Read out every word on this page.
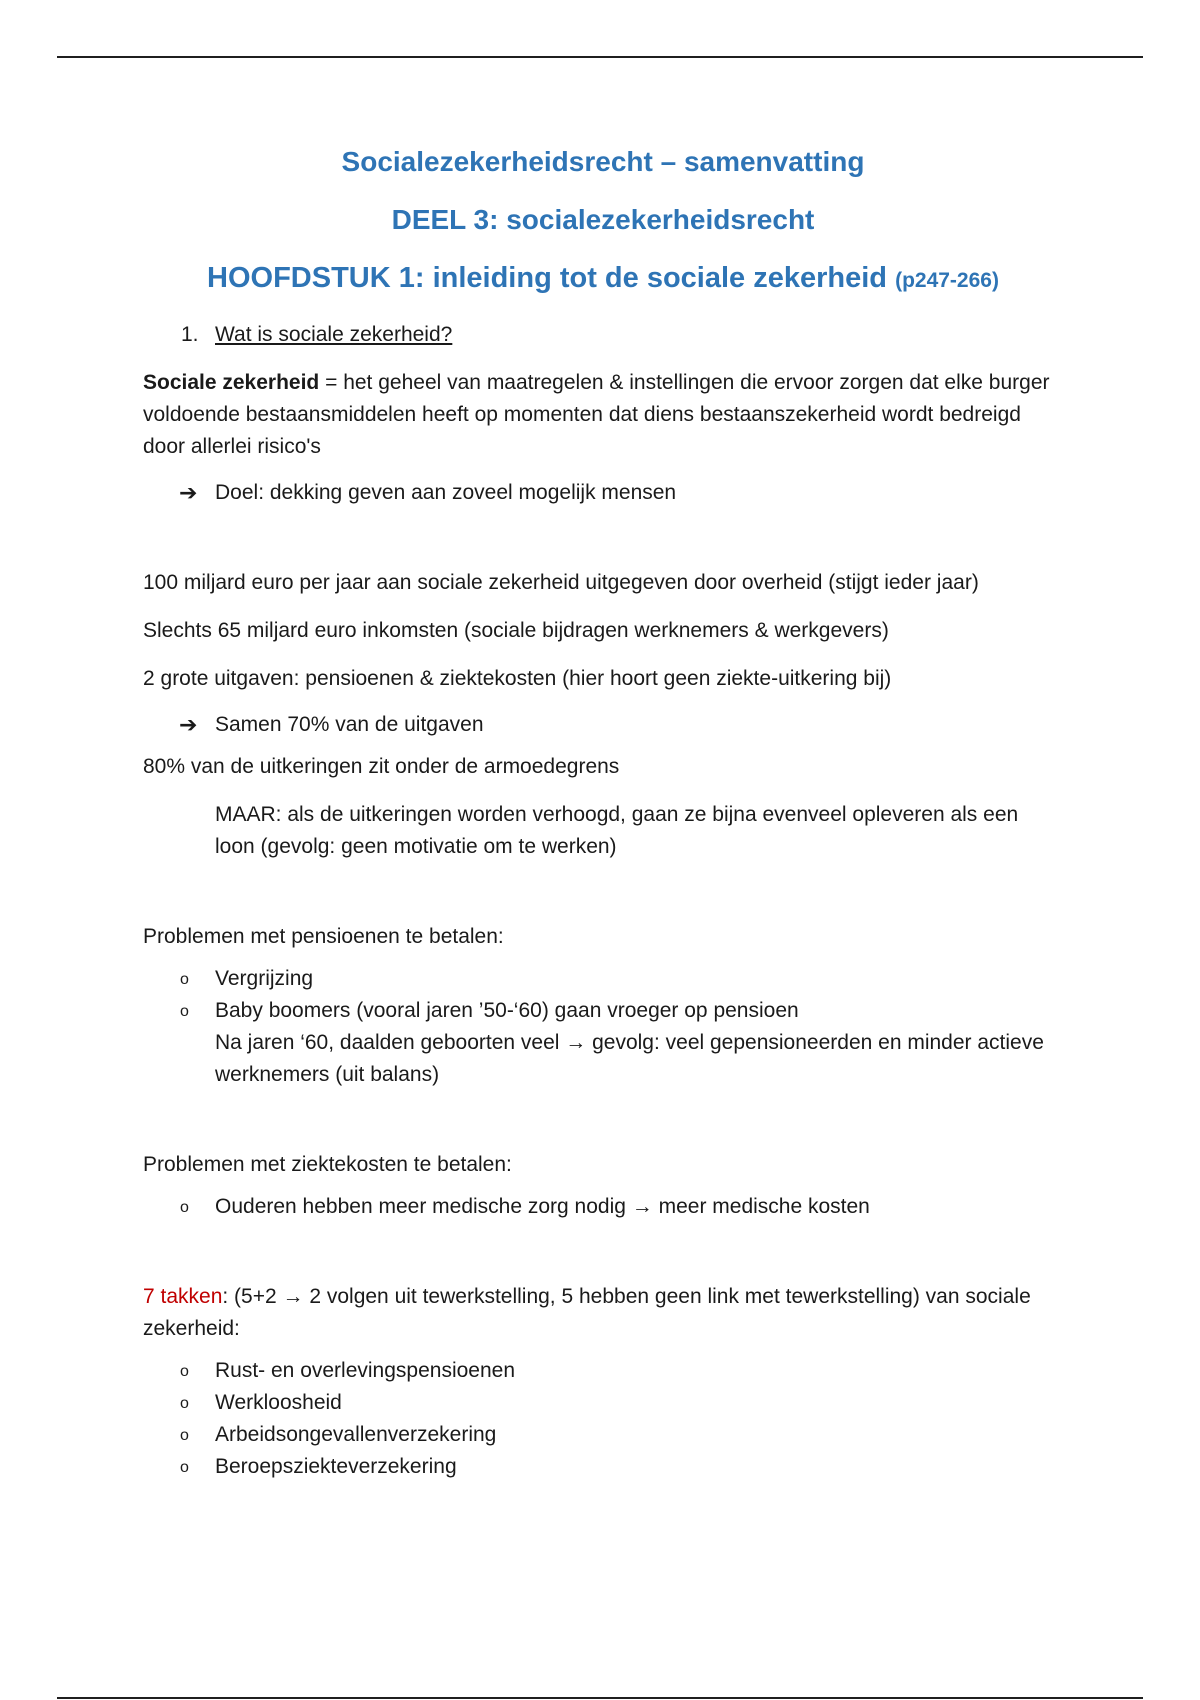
Socialezekerheidsrecht – samenvatting
DEEL 3: socialezekerheidsrecht
HOOFDSTUK 1: inleiding tot de sociale zekerheid (p247-266)
1. Wat is sociale zekerheid?

Sociale zekerheid = het geheel van maatregelen & instellingen die ervoor zorgen dat elke burger voldoende bestaansmiddelen heeft op momenten dat diens bestaanszekerheid wordt bedreigd door allerlei risico's

➔ Doel: dekking geven aan zoveel mogelijk mensen

100 miljard euro per jaar aan sociale zekerheid uitgegeven door overheid (stijgt ieder jaar)

Slechts 65 miljard euro inkomsten (sociale bijdragen werknemers & werkgevers)

2 grote uitgaven: pensioenen & ziektekosten (hier hoort geen ziekte-uitkering bij)

➔ Samen 70% van de uitgaven

80% van de uitkeringen zit onder de armoedegrens

MAAR: als de uitkeringen worden verhoogd, gaan ze bijna evenveel opleveren als een loon (gevolg: geen motivatie om te werken)

Problemen met pensioenen te betalen:

o Vergrijzing
o Baby boomers (vooral jaren ’50-‘60) gaan vroeger op pensioen
Na jaren ‘60, daalden geboorten veel → gevolg: veel gepensioneerden en minder actieve werknemers (uit balans)

Problemen met ziektekosten te betalen:

o Ouderen hebben meer medische zorg nodig → meer medische kosten

7 takken: (5+2 → 2 volgen uit tewerkstelling, 5 hebben geen link met tewerkstelling) van sociale zekerheid:

o Rust- en overlevingspensioenen
o Werkloosheid
o Arbeidsongevallenverzekering
o Beroepsziekteverzekering
